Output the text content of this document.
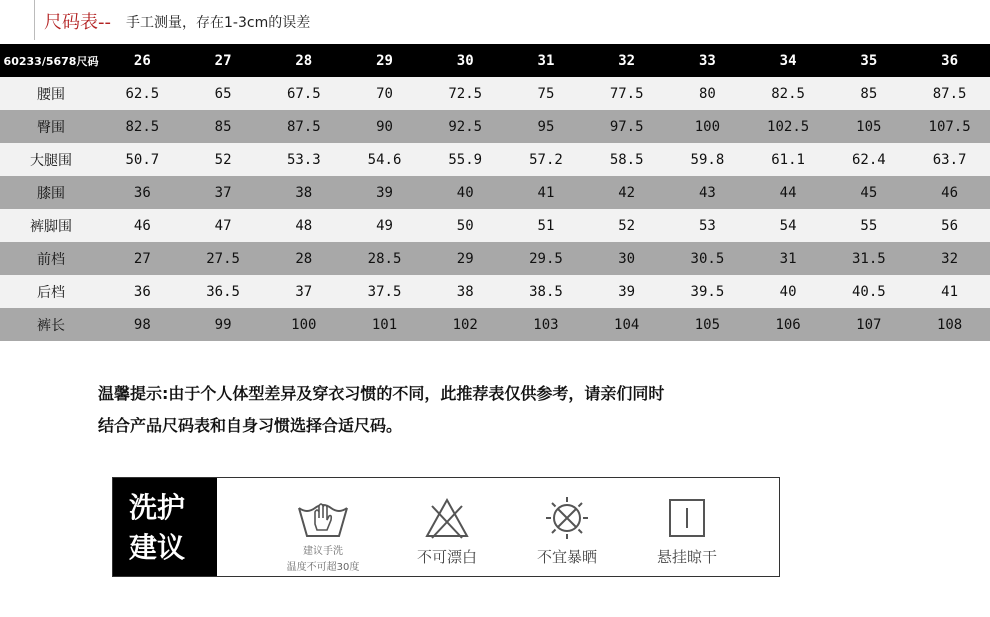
尺码表-- 手工测量，存在1-3cm的误差
60233/5678尺码	26	27	28	29	30	31	32	33	34	35	36
腰围	62.5	65	67.5	70	72.5	75	77.5	80	82.5	85	87.5
臀围	82.5	85	87.5	90	92.5	95	97.5	100	102.5	105	107.5
大腿围	50.7	52	53.3	54.6	55.9	57.2	58.5	59.8	61.1	62.4	63.7
膝围	36	37	38	39	40	41	42	43	44	45	46
裤脚围	46	47	48	49	50	51	52	53	54	55	56
前档	27	27.5	28	28.5	29	29.5	30	30.5	31	31.5	32
后档	36	36.5	37	37.5	38	38.5	39	39.5	40	40.5	41
裤长	98	99	100	101	102	103	104	105	106	107	108
温馨提示:由于个人体型差异及穿衣习惯的不同，此推荐表仅供参考，请亲们同时
结合产品尺码表和自身习惯选择合适尺码。
洗护
建议	建议手洗
温度不可超30度
不可漂白	不宜暴晒	悬挂晾干
